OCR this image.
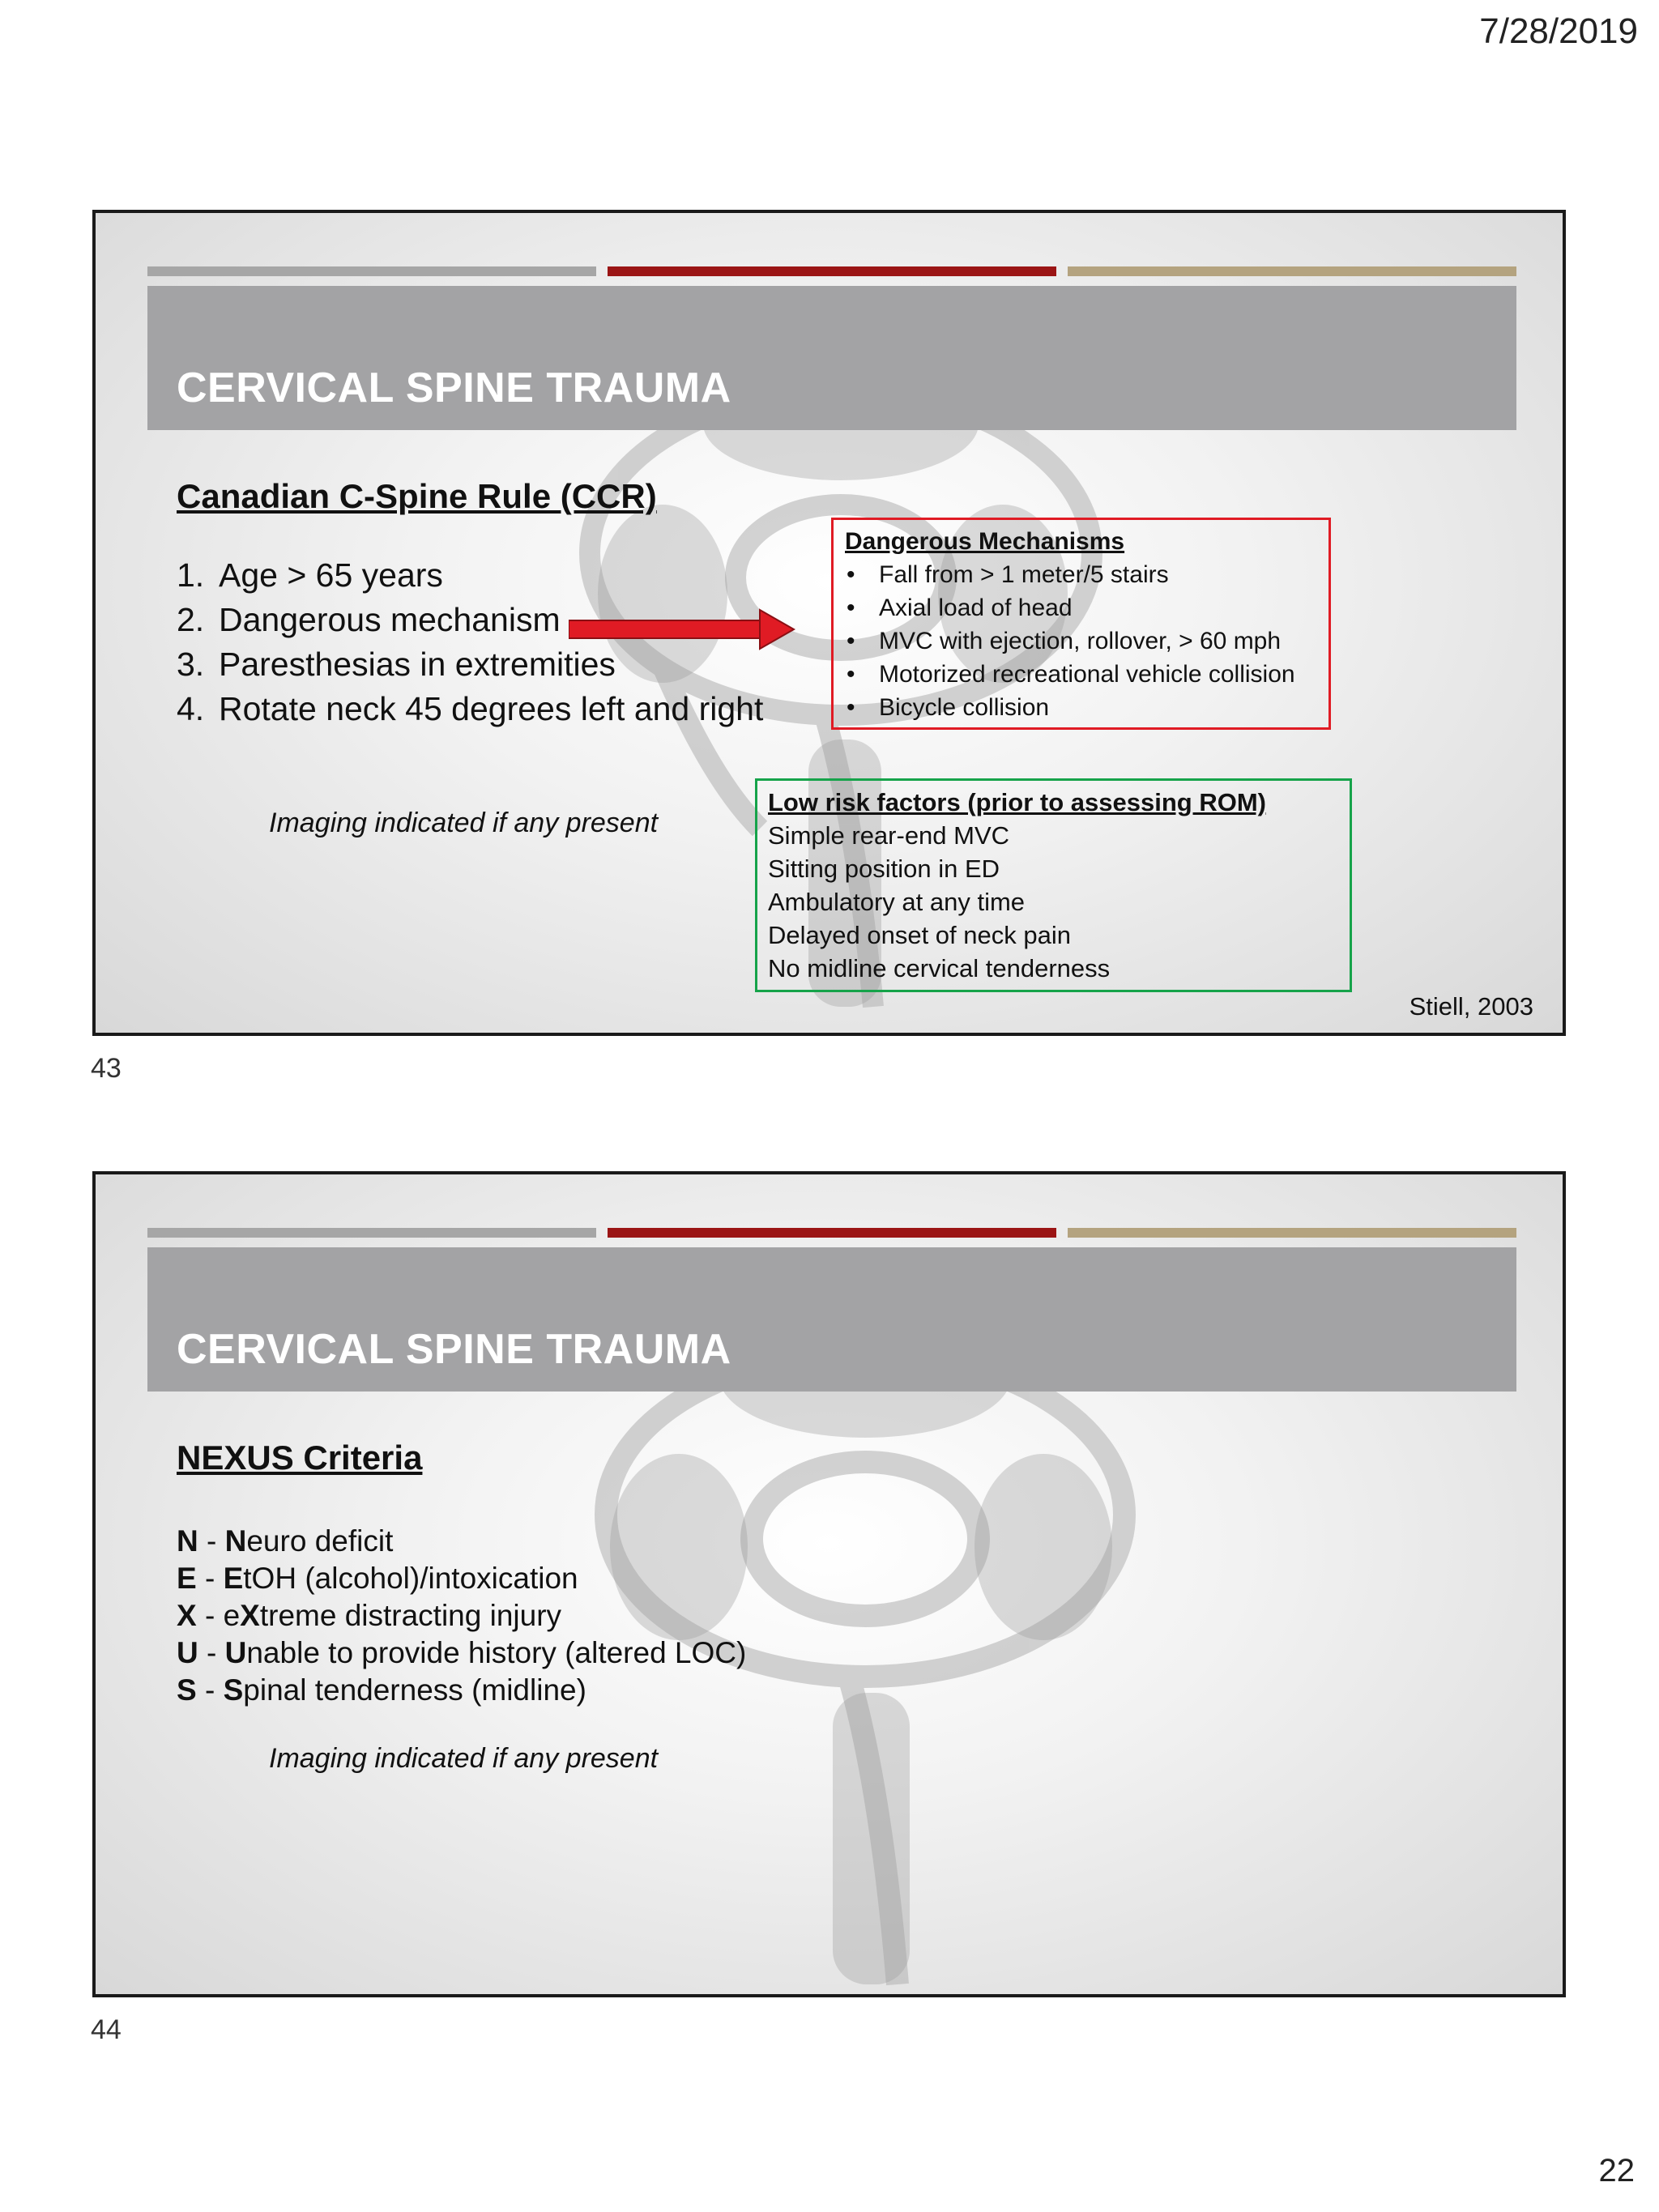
7/28/2019
CERVICAL SPINE TRAUMA
Canadian C-Spine Rule (CCR)
1. Age > 65 years
2. Dangerous mechanism
3. Paresthesias in extremities
4. Rotate neck 45 degrees left and right
Imaging indicated if any present
Dangerous Mechanisms
• Fall from > 1 meter/5 stairs
• Axial load of head
• MVC with ejection, rollover, > 60 mph
• Motorized recreational vehicle collision
• Bicycle collision
Low risk factors (prior to assessing ROM)
Simple rear-end MVC
Sitting position in ED
Ambulatory at any time
Delayed onset of neck pain
No midline cervical tenderness
Stiell, 2003
43
CERVICAL SPINE TRAUMA
NEXUS Criteria
N - Neuro deficit
E - EtOH (alcohol)/intoxication
X - eXtreme distracting injury
U - Unable to provide history (altered LOC)
S - Spinal tenderness (midline)
Imaging indicated if any present
44
22
